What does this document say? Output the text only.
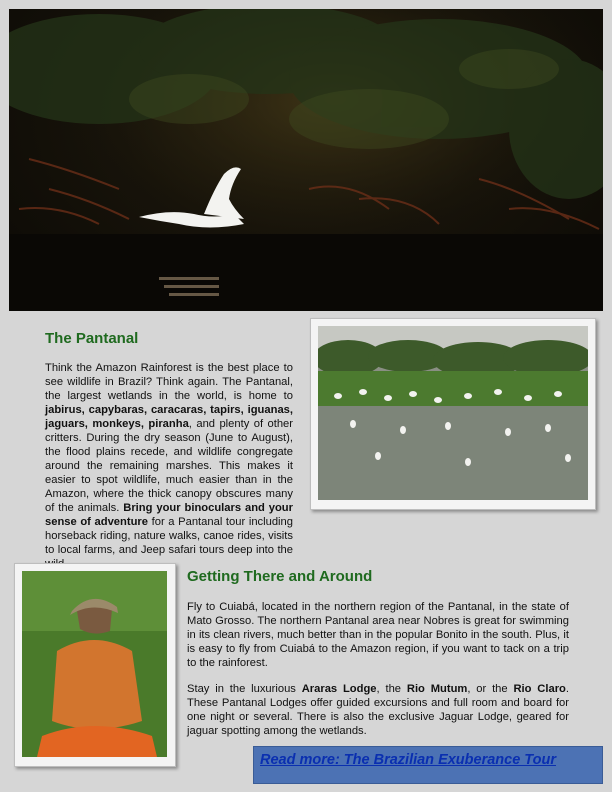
The Pantanal

Think the Amazon Rainforest is the best place to see wildlife in Brazil? Think again. The Pantanal, the largest wetlands in the world, is home to jabirus, capybaras, caracaras, tapirs, iguanas, jaguars, monkeys, piranha, and plenty of other critters. During the dry season (June to August), the flood plains recede, and wildlife congregate around the remaining marshes. This makes it easier to spot wildlife, much easier than in the Amazon, where the thick canopy obscures many of the animals. Bring your binoculars and your sense of adventure for a Pantanal tour including horseback riding, nature walks, canoe rides, visits to local farms, and Jeep safari tours deep into the

Getting There and Around

Fly to Cuiabá, located in the northern region of the Pantanal, in the state of Mato Grosso. The northern Pantanal area near Nobres is great for swimming in its clean rivers, much better than in the popular Bonito in the south. Plus, it is easy to fly from Cuiabá to the Amazon region, if you want to tack on a trip to the rainforest.

Stay in the luxurious Araras Lodge, the Rio Mutum, or the Rio Claro. These Pantanal Lodges offer guided excursions and full room and board for one night or several. There is also the exclusive Jaguar Lodge, geared for jaguar spotting among the wetlands.

Read more: The Brazilian Exuberance Tour
